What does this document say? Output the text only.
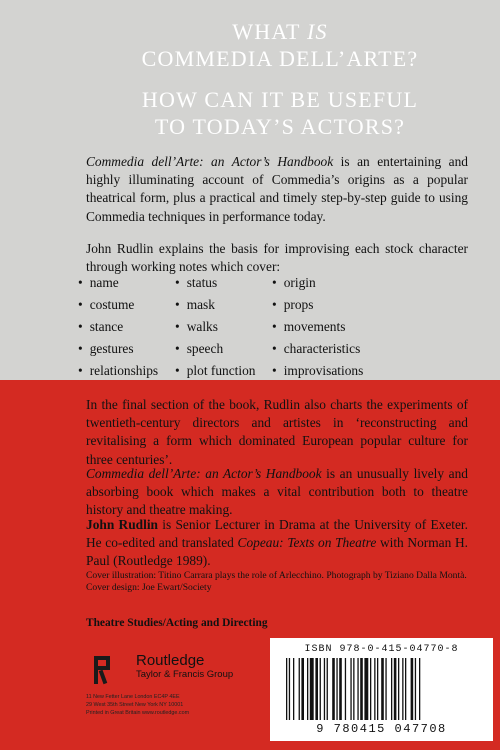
WHAT IS
COMMEDIA DELL’ARTE?
HOW CAN IT BE USEFUL
TO TODAY’S ACTORS?

Commedia dell’Arte: an Actor’s Handbook is an entertaining and highly illuminating account of Commedia’s origins as a popular theatrical form, plus a practical and timely step-by-step guide to using Commedia techniques in performance today.

John Rudlin explains the basis for improvising each stock character through working notes which cover:

• name
• costume
• stance
• gestures
• relationships
• status
• mask
• walks
• speech
• plot function
• origin
• props
• movements
• characteristics
• improvisations

In the final section of the book, Rudlin also charts the experiments of twentieth-century directors and artistes in ‘reconstructing and revitalising a form which dominated European popular culture for three centuries’.

Commedia dell’Arte: an Actor’s Handbook is an unusually lively and absorbing book which makes a vital contribution both to theatre history and theatre making.

John Rudlin is Senior Lecturer in Drama at the University of Exeter. He co-edited and translated Copeau: Texts on Theatre with Norman H. Paul (Routledge 1989).

Cover illustration: Titino Carrara plays the role of Arlecchino. Photograph by Tiziano Dalla Montà.
Cover design: Joe Ewart/Society

Theatre Studies/Acting and Directing
Routledge
Taylor & Francis Group
11 New Fetter Lane London EC4P 4EE
29 West 35th Street New York NY 10001
Printed in Great Britain www.routledge.com
ISBN 978-0-415-04770-8
9 780415 047708
